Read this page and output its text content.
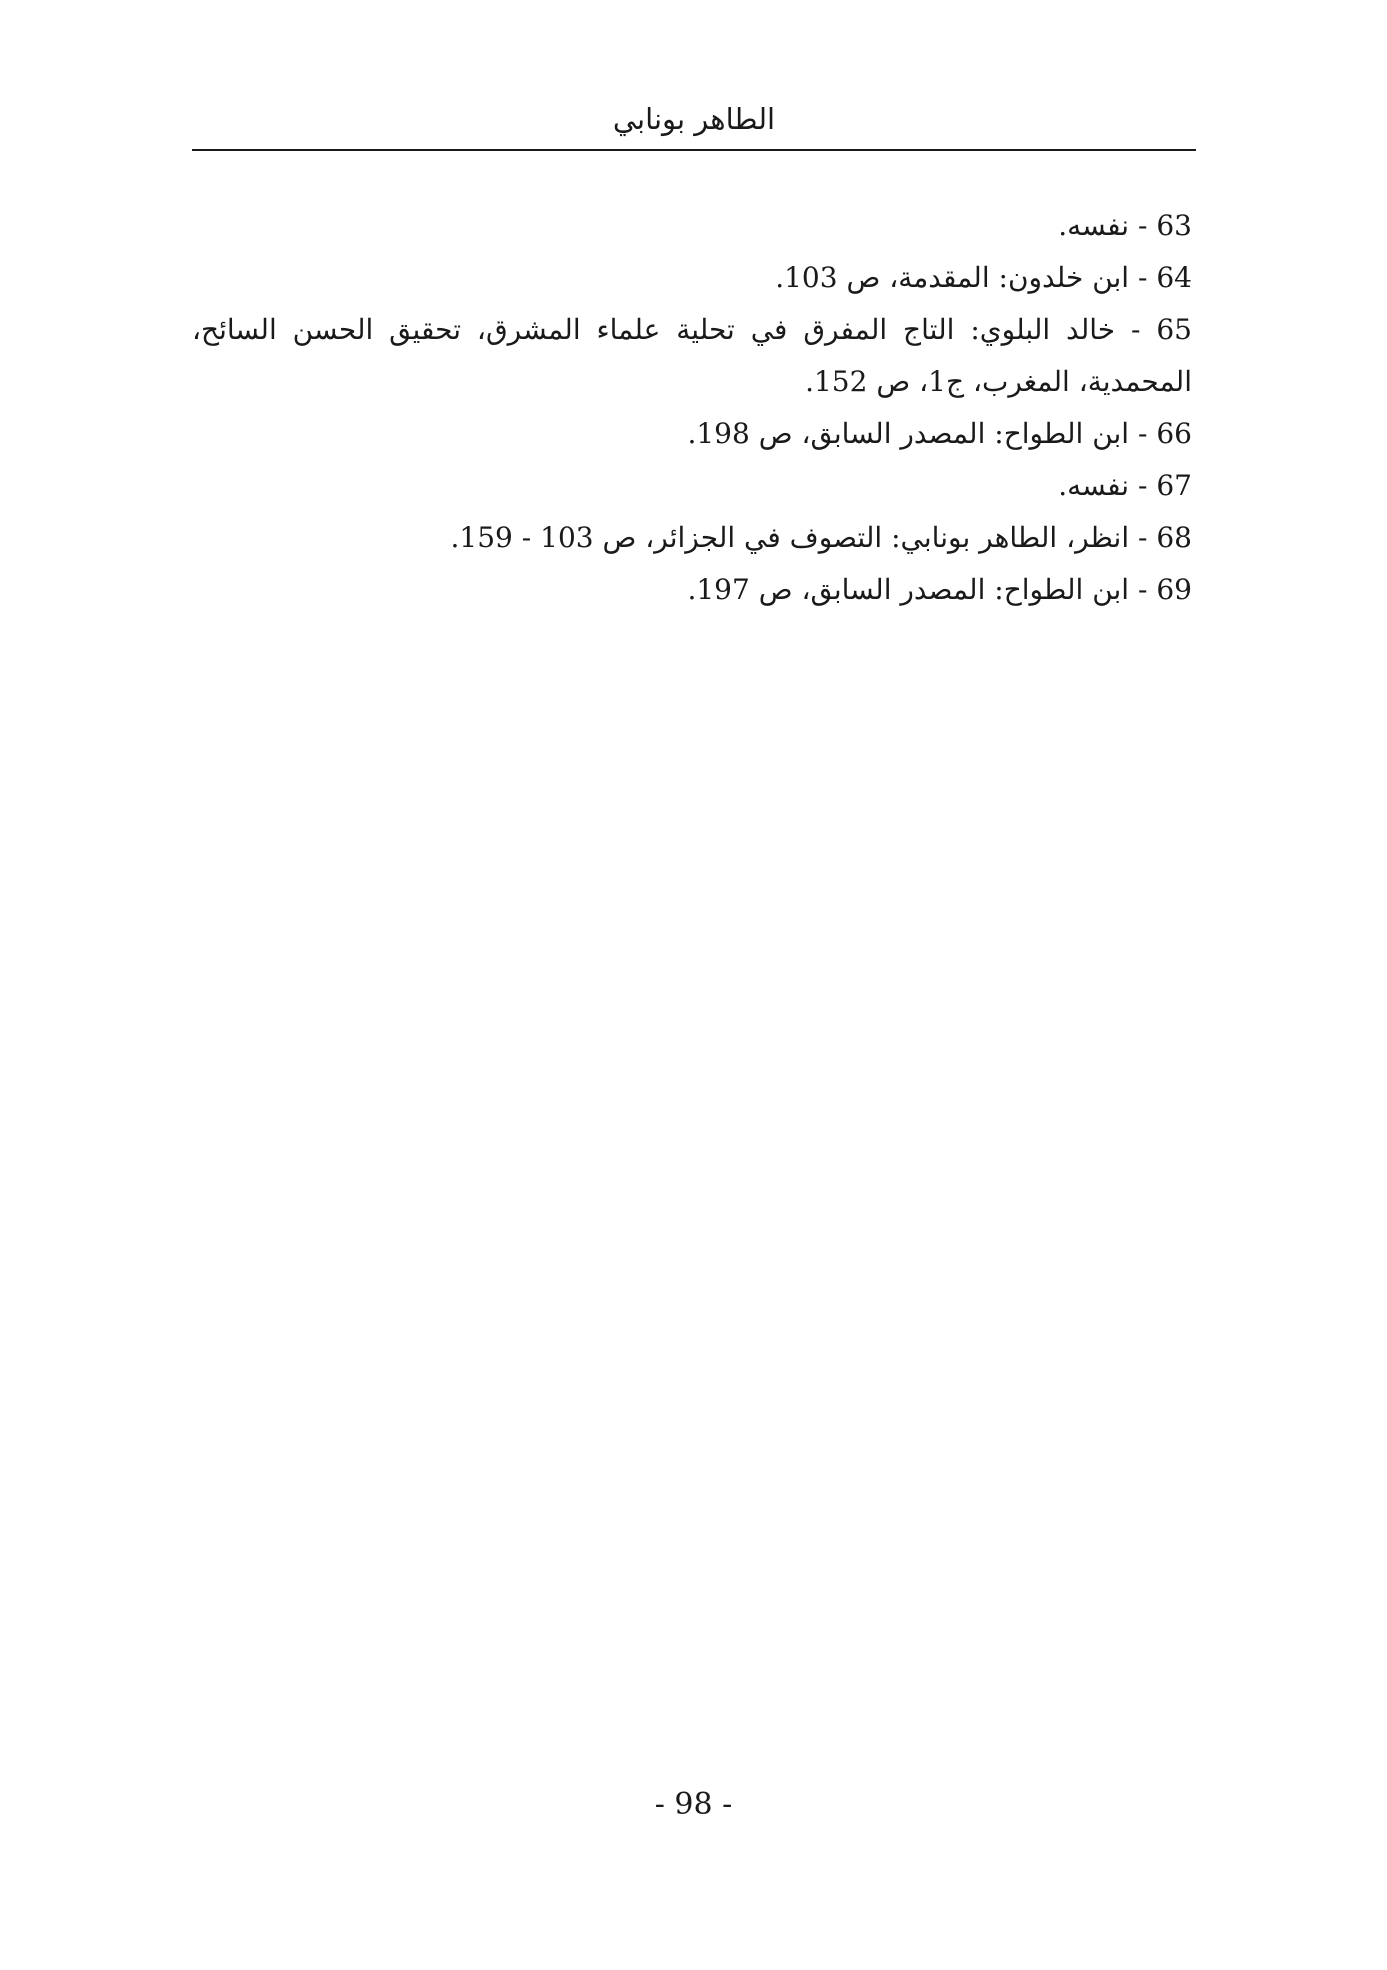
الطاهر بونابي
63 - نفسه.
64 - ابن خلدون: المقدمة، ص 103.
65 - خالد البلوي: التاج المفرق في تحلية علماء المشرق، تحقيق الحسن السائح، المحمدية، المغرب، ج1، ص 152.
66 - ابن الطواح: المصدر السابق، ص 198.
67 - نفسه.
68 - انظر، الطاهر بونابي: التصوف في الجزائر، ص 103 - 159.
69 - ابن الطواح: المصدر السابق، ص 197.
- 98 -
